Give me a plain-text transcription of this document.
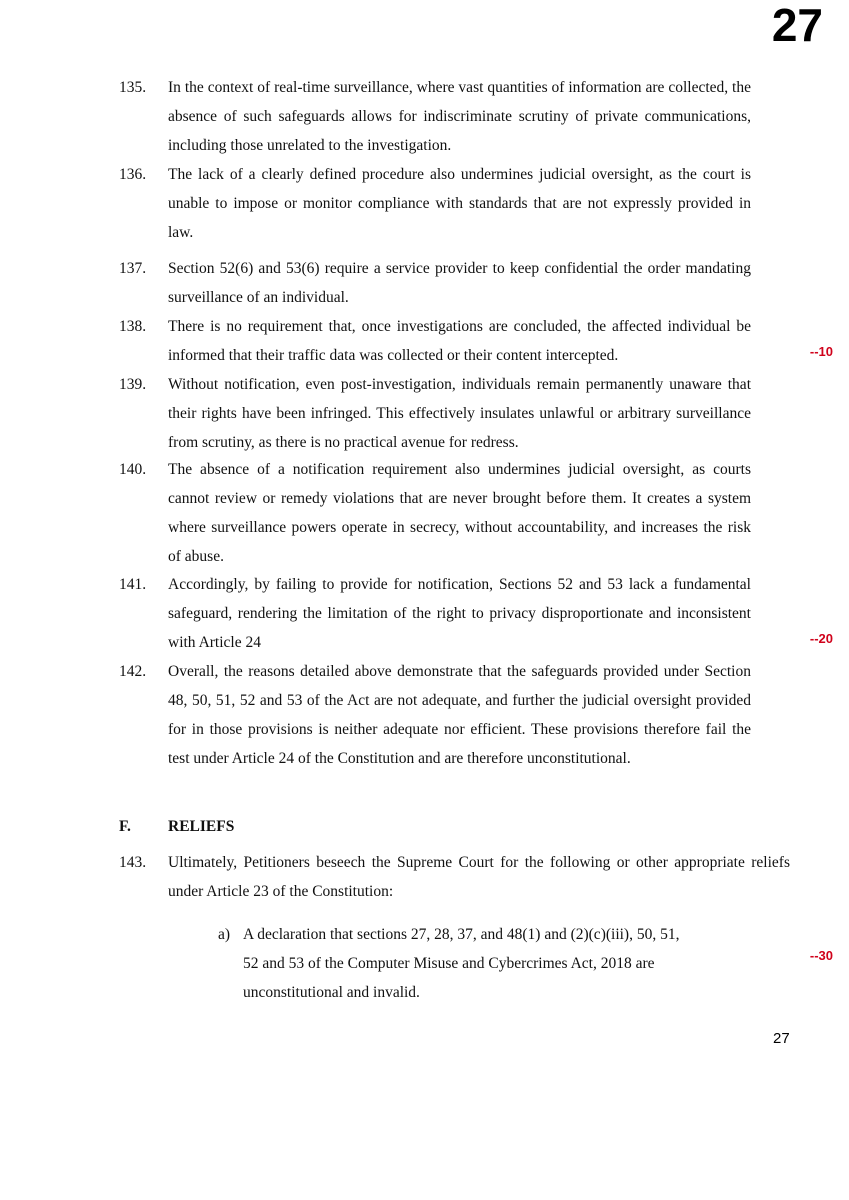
27
135. In the context of real-time surveillance, where vast quantities of information are collected, the absence of such safeguards allows for indiscriminate scrutiny of private communications, including those unrelated to the investigation.
136. The lack of a clearly defined procedure also undermines judicial oversight, as the court is unable to impose or monitor compliance with standards that are not expressly provided in law.
137. Section 52(6) and 53(6) require a service provider to keep confidential the order mandating surveillance of an individual.
138. There is no requirement that, once investigations are concluded, the affected individual be informed that their traffic data was collected or their content intercepted.
139. Without notification, even post-investigation, individuals remain permanently unaware that their rights have been infringed. This effectively insulates unlawful or arbitrary surveillance from scrutiny, as there is no practical avenue for redress.
140. The absence of a notification requirement also undermines judicial oversight, as courts cannot review or remedy violations that are never brought before them. It creates a system where surveillance powers operate in secrecy, without accountability, and increases the risk of abuse.
141. Accordingly, by failing to provide for notification, Sections 52 and 53 lack a fundamental safeguard, rendering the limitation of the right to privacy disproportionate and inconsistent with Article 24
142. Overall, the reasons detailed above demonstrate that the safeguards provided under Section 48, 50, 51, 52 and 53 of the Act are not adequate, and further the judicial oversight provided for in those provisions is neither adequate nor efficient. These provisions therefore fail the test under Article 24 of the Constitution and are therefore unconstitutional.
F. RELIEFS
143. Ultimately, Petitioners beseech the Supreme Court for the following or other appropriate reliefs under Article 23 of the Constitution:
a) A declaration that sections 27, 28, 37, and 48(1) and (2)(c)(iii), 50, 51, 52 and 53 of the Computer Misuse and Cybercrimes Act, 2018 are unconstitutional and invalid.
--10
--20
--30
27
